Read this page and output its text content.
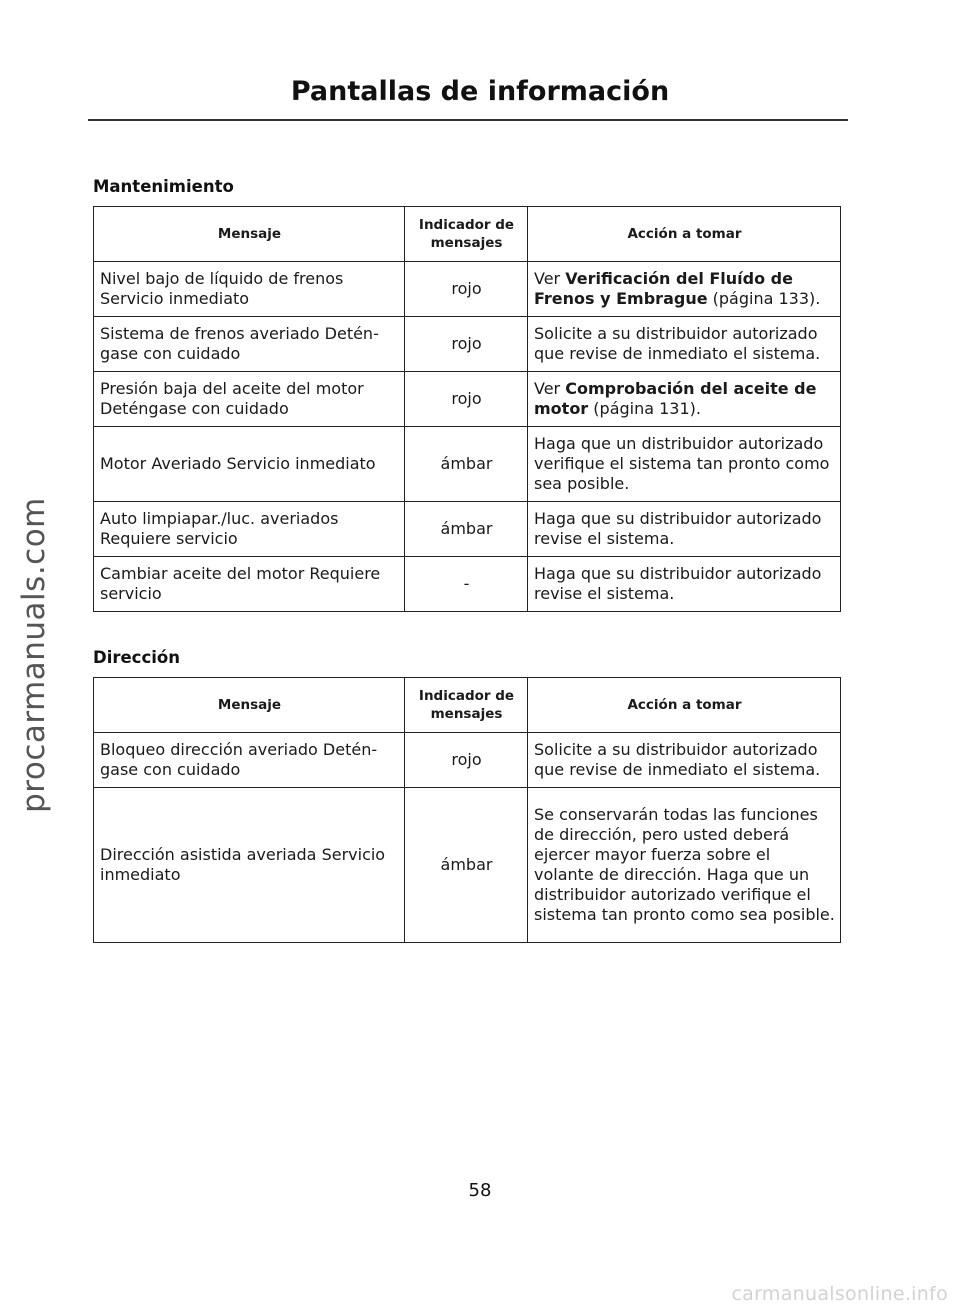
procarmanuals.com
Pantallas de información
Mantenimiento
Mensaje	Indicador de mensajes	Acción a tomar
Nivel bajo de líquido de frenos Servicio inmediato	rojo	Ver Verificación del Fluído de Frenos y Embrague (página 133).
Sistema de frenos averiado Detén-gase con cuidado	rojo	Solicite a su distribuidor autorizado que revise de inmediato el sistema.
Presión baja del aceite del motor Deténgase con cuidado	rojo	Ver Comprobación del aceite de motor (página 131).
Motor Averiado Servicio inmediato	ámbar	Haga que un distribuidor autorizado verifique el sistema tan pronto como sea posible.
Auto limpiapar./luc. averiados Requiere servicio	ámbar	Haga que su distribuidor autorizado revise el sistema.
Cambiar aceite del motor Requiere servicio	-	Haga que su distribuidor autorizado revise el sistema.
Dirección
Mensaje	Indicador de mensajes	Acción a tomar
Bloqueo dirección averiado Detén-gase con cuidado	rojo	Solicite a su distribuidor autorizado que revise de inmediato el sistema.
Dirección asistida averiada Servicio inmediato	ámbar	Se conservarán todas las funciones de dirección, pero usted deberá ejercer mayor fuerza sobre el volante de dirección. Haga que un distribuidor autorizado verifique el sistema tan pronto como sea posible.
58
carmanualsonline.info
